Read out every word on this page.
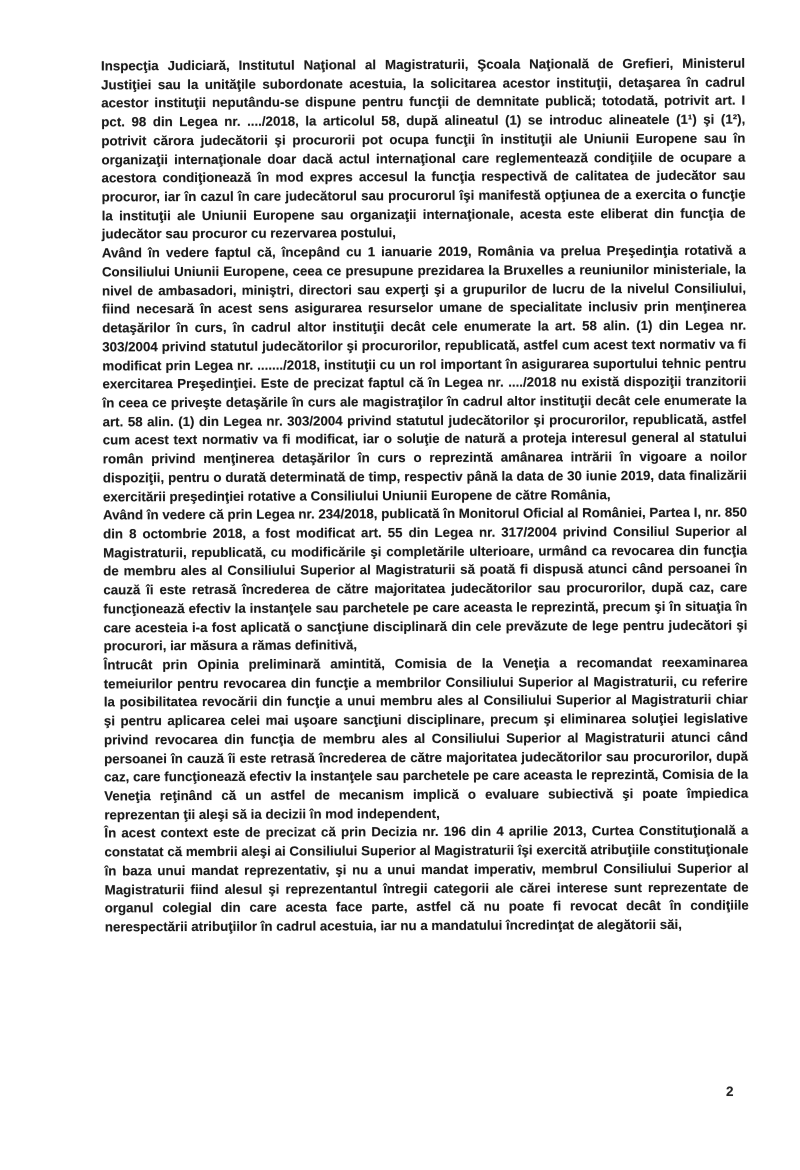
Inspecţia Judiciară, Institutul Naţional al Magistraturii, Şcoala Naţională de Grefieri, Ministerul Justiţiei sau la unităţile subordonate acestuia, la solicitarea acestor instituţii, detaşarea în cadrul acestor instituţii neputându-se dispune pentru funcţii de demnitate publică; totodată, potrivit art. I pct. 98 din Legea nr. ..../2018, la articolul 58, după alineatul (1) se introduc alineatele (1¹) şi (1²), potrivit cărora judecătorii şi procurorii pot ocupa funcţii în instituţii ale Uniunii Europene sau în organizaţii internaţionale doar dacă actul internaţional care reglementează condiţiile de ocupare a acestora condiţionează în mod expres accesul la funcţia respectivă de calitatea de judecător sau procuror, iar în cazul în care judecătorul sau procurorul îşi manifestă opţiunea de a exercita o funcţie la instituţii ale Uniunii Europene sau organizaţii internaţionale, acesta este eliberat din funcţia de judecător sau procuror cu rezervarea postului,

Având în vedere faptul că, începând cu 1 ianuarie 2019, România va prelua Preşedinţia rotativă a Consiliului Uniunii Europene, ceea ce presupune prezidarea la Bruxelles a reuniunilor ministeriale, la nivel de ambasadori, miniştri, directori sau experţi şi a grupurilor de lucru de la nivelul Consiliului, fiind necesară în acest sens asigurarea resurselor umane de specialitate inclusiv prin menţinerea detaşărilor în curs, în cadrul altor instituţii decât cele enumerate la art. 58 alin. (1) din Legea nr. 303/2004 privind statutul judecătorilor şi procurorilor, republicată, astfel cum acest text normativ va fi modificat prin Legea nr. ......./2018, instituţii cu un rol important în asigurarea suportului tehnic pentru exercitarea Preşedinţiei. Este de precizat faptul că în Legea nr. ..../2018 nu există dispoziţii tranzitorii în ceea ce priveşte detaşările în curs ale magistraţilor în cadrul altor instituţii decât cele enumerate la art. 58 alin. (1) din Legea nr. 303/2004 privind statutul judecătorilor şi procurorilor, republicată, astfel cum acest text normativ va fi modificat, iar o soluţie de natură a proteja interesul general al statului român privind menţinerea detaşărilor în curs o reprezintă amânarea intrării în vigoare a noilor dispoziţii, pentru o durată determinată de timp, respectiv până la data de 30 iunie 2019, data finalizării exercitării preşedinţiei rotative a Consiliului Uniunii Europene de către România,

Având în vedere că prin Legea nr. 234/2018, publicată în Monitorul Oficial al României, Partea I, nr. 850 din 8 octombrie 2018, a fost modificat art. 55 din Legea nr. 317/2004 privind Consiliul Superior al Magistraturii, republicată, cu modificările şi completările ulterioare, urmând ca revocarea din funcţia de membru ales al Consiliului Superior al Magistraturii să poată fi dispusă atunci când persoanei în cauză îi este retrasă încrederea de către majoritatea judecătorilor sau procurorilor, după caz, care funcţionează efectiv la instanţele sau parchetele pe care aceasta le reprezintă, precum şi în situaţia în care acesteia i-a fost aplicată o sancţiune disciplinară din cele prevăzute de lege pentru judecători şi procurori, iar măsura a rămas definitivă,

Întrucât prin Opinia preliminară amintită, Comisia de la Veneţia a recomandat reexaminarea temeiurilor pentru revocarea din funcţie a membrilor Consiliului Superior al Magistraturii, cu referire la posibilitatea revocării din funcţie a unui membru ales al Consiliului Superior al Magistraturii chiar şi pentru aplicarea celei mai uşoare sancţiuni disciplinare, precum şi eliminarea soluţiei legislative privind revocarea din funcţia de membru ales al Consiliului Superior al Magistraturii atunci când persoanei în cauză îi este retrasă încrederea de către majoritatea judecătorilor sau procurorilor, după caz, care funcţionează efectiv la instanţele sau parchetele pe care aceasta le reprezintă, Comisia de la Veneţia reţinând că un astfel de mecanism implică o evaluare subiectivă şi poate împiedica reprezentan ţii aleşi să ia decizii în mod independent,

În acest context este de precizat că prin Decizia nr. 196 din 4 aprilie 2013, Curtea Constituţională a constatat că membrii aleşi ai Consiliului Superior al Magistraturii îşi exercită atribuţiile constituţionale în baza unui mandat reprezentativ, şi nu a unui mandat imperativ, membrul Consiliului Superior al Magistraturii fiind alesul şi reprezentantul întregii categorii ale cărei interese sunt reprezentate de organul colegial din care acesta face parte, astfel că nu poate fi revocat decât în condiţiile nerespectării atribuţiilor în cadrul acestuia, iar nu a mandatului încredinţat de alegătorii săi,

2
